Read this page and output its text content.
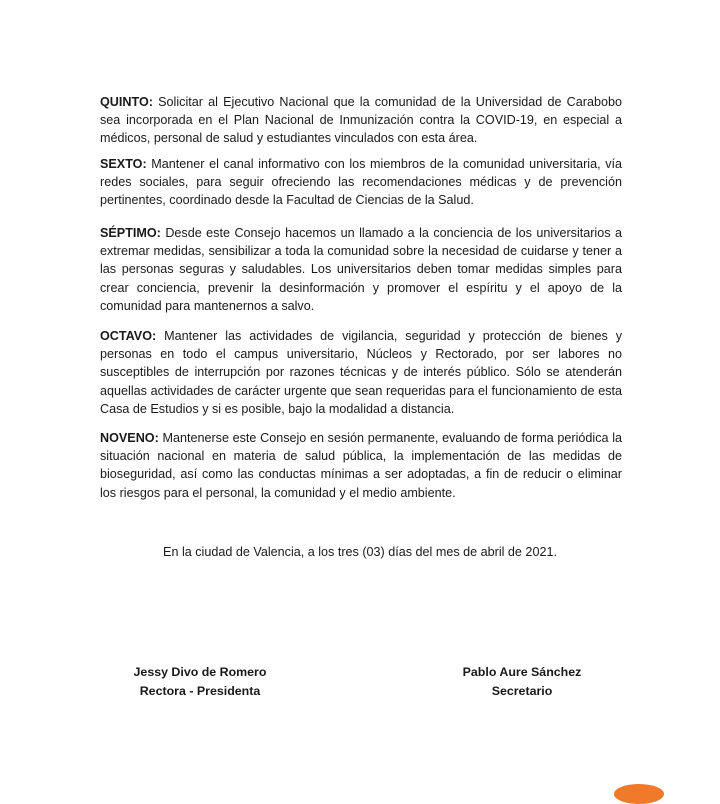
QUINTO: Solicitar al Ejecutivo Nacional que la comunidad de la Universidad de Carabobo sea incorporada en el Plan Nacional de Inmunización contra la COVID-19, en especial a médicos, personal de salud y estudiantes vinculados con esta área.

SEXTO: Mantener el canal informativo con los miembros de la comunidad universitaria, vía redes sociales, para seguir ofreciendo las recomendaciones médicas y de prevención pertinentes, coordinado desde la Facultad de Ciencias de la Salud.

SÉPTIMO: Desde este Consejo hacemos un llamado a la conciencia de los universitarios a extremar medidas, sensibilizar a toda la comunidad sobre la necesidad de cuidarse y tener a las personas seguras y saludables. Los universitarios deben tomar medidas simples para crear conciencia, prevenir la desinformación y promover el espíritu y el apoyo de la comunidad para mantenernos a salvo.

OCTAVO: Mantener las actividades de vigilancia, seguridad y protección de bienes y personas en todo el campus universitario, Núcleos y Rectorado, por ser labores no susceptibles de interrupción por razones técnicas y de interés público. Sólo se atenderán aquellas actividades de carácter urgente que sean requeridas para el funcionamiento de esta Casa de Estudios y si es posible, bajo la modalidad a distancia.

NOVENO: Mantenerse este Consejo en sesión permanente, evaluando de forma periódica la situación nacional en materia de salud pública, la implementación de las medidas de bioseguridad, así como las conductas mínimas a ser adoptadas, a fin de reducir o eliminar los riesgos para el personal, la comunidad y el medio ambiente.

En la ciudad de Valencia, a los tres (03) días del mes de abril de 2021.

Jessy Divo de Romero
Rectora - Presidenta
Pablo Aure Sánchez
Secretario
